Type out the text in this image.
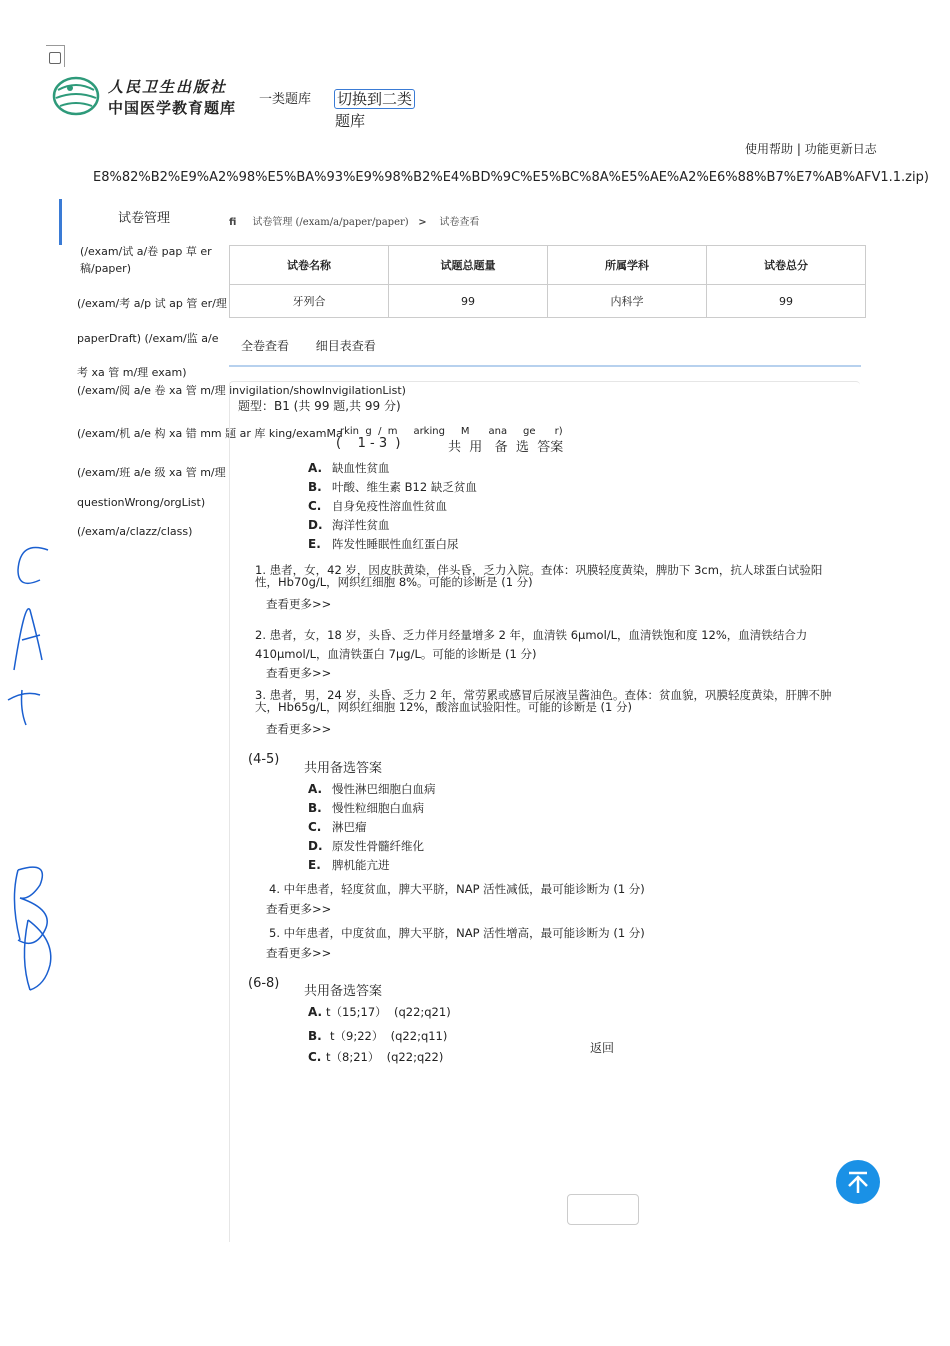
人民卫生出版社
中国医学教育题库 一类题库 切换到二类
题库
使用帮助 | 功能更新日志
E8%82%B2%E9%A2%98%E5%BA%93%E9%98%B2%E4%BD%9C%E5%BC%8A%E5%AE%A2%E6%88%B7%E7%AB%AFV1.1.zip)
试卷管理
(/exam/试 a/卷 pap 草 er
稿/paper)
(/exam/考 a/p 试 ap 管 er/理
paperDraft) (/exam/监 a/e
考 xa 管 m/理 exam)
(/exam/阅 a/e 卷 xa 管 m/理 invigilation/showInvigilationList)
(/exam/机 a/e 构 xa 错 mm 题 ar 库 king/examMa
(/exam/班 a/e 级 xa 管 m/理
questionWrong/orgList)
(/exam/a/clazz/class)
fi 试卷管理 (/exam/a/paper/paper) > 试卷查看
试卷名称	试题总题量	所属学科	试卷总分
牙列合	99	内科学	99
全卷查看 细目表查看
题型：B1 (共 99 题,共 99 分)
rkin  g  /  m     arking     M      ana     ge      r)
(    1 - 3  )	共  用   备  选  答案
A. 缺血性贫血
B. 叶酸、维生素 B12 缺乏贫血
C. 自身免疫性溶血性贫血
D. 海洋性贫血
E. 阵发性睡眠性血红蛋白尿
1. 患者，女，42 岁，因皮肤黄染，伴头昏，乏力入院。查体：巩膜轻度黄染，脾肋下 3cm，抗人球蛋白试验阳性，Hb70g/L，网织红细胞 8%。可能的诊断是 (1 分)
查看更多>>
2. 患者，女，18 岁，头昏、乏力伴月经量增多 2 年，血清铁 6μmol/L，血清铁饱和度 12%，血清铁结合力 410μmol/L，血清铁蛋白 7μg/L。可能的诊断是 (1 分)
查看更多>>
3. 患者，男，24 岁，头昏、乏力 2 年，常劳累或感冒后尿液呈酱油色。查体：贫血貌，巩膜轻度黄染，肝脾不肿大，Hb65g/L，网织红细胞 12%，酸溶血试验阳性。可能的诊断是 (1 分)
查看更多>>
(4-5)
共用备选答案
A. 慢性淋巴细胞白血病
B. 慢性粒细胞白血病
C. 淋巴瘤
D. 原发性骨髓纤维化
E. 脾机能亢进
4. 中年患者，轻度贫血，脾大平脐，NAP 活性减低，最可能诊断为 (1 分)
查看更多>>
5. 中年患者，中度贫血，脾大平脐，NAP 活性增高，最可能诊断为 (1 分)
查看更多>>
(6-8)
共用备选答案
A. t（15;17）  (q22;q21)
B. t（9;22）  (q22;q11)
C. t（8;21）  (q22;q22)
返回
